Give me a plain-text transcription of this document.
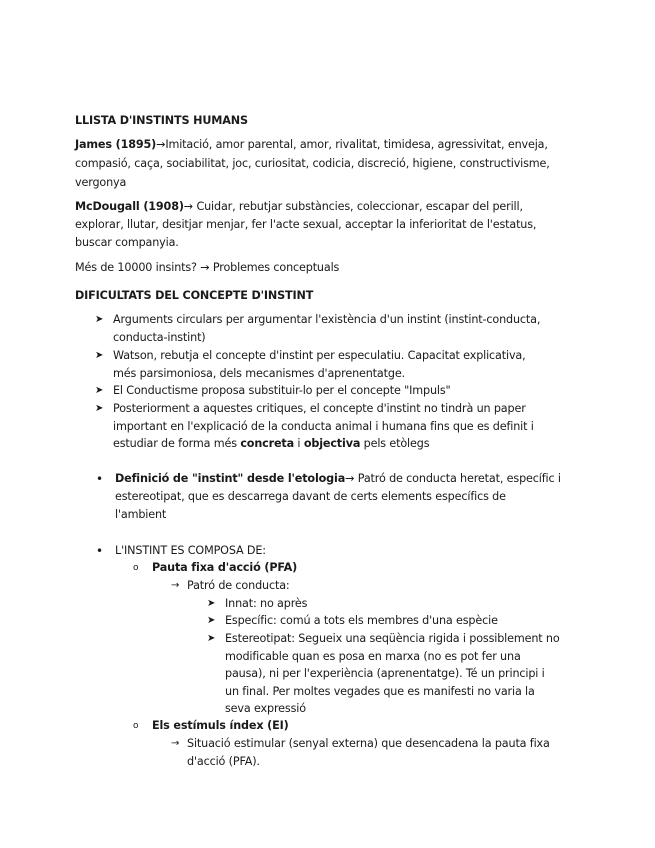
LLISTA D'INSTINTS HUMANS
James (1895)→Imitació, amor parental, amor, rivalitat, timidesa, agressivitat, enveja,
compasió, caça, sociabilitat, joc, curiositat, codicia, discreció, higiene, constructivisme,
vergonya
McDougall (1908)→ Cuidar, rebutjar substàncies, coleccionar, escapar del perill,
explorar, llutar, desitjar menjar, fer l'acte sexual, acceptar la inferioritat de l'estatus,
buscar companyia.
Més de 10000 insints? → Problemes conceptuals
DIFICULTATS DEL CONCEPTE D'INSTINT
➤ Arguments circulars per argumentar l'existència d'un instint (instint-conducta,
conducta-instint)
➤ Watson, rebutja el concepte d'instint per especulatiu. Capacitat explicativa,
més parsimoniosa, dels mecanismes d'aprenentatge.
➤ El Conductisme proposa substituir-lo per el concepte "Impuls"
➤ Posteriorment a aquestes critiques, el concepte d'instint no tindrà un paper
important en l'explicació de la conducta animal i humana fins que es definit i
estudiar de forma més concreta i objectiva pels etòlegs
• Definició de "instint" desde l'etologia→ Patró de conducta heretat, específic i
estereotipat, que es descarrega davant de certs elements específics de
l'ambient
• L'INSTINT ES COMPOSA DE:
o Pauta fixa d'acció (PFA)
→ Patró de conducta:
➤ Innat: no après
➤ Específic: comú a tots els membres d'una espècie
➤ Estereotipat: Segueix una seqüència rigida i possiblement no
modificable quan es posa en marxa (no es pot fer una
pausa), ni per l'experiència (aprenentatge). Té un principi i
un final. Per moltes vegades que es manifesti no varia la
seva expressió
o Els estímuls índex (EI)
→ Situació estimular (senyal externa) que desencadena la pauta fixa
d'acció (PFA).
